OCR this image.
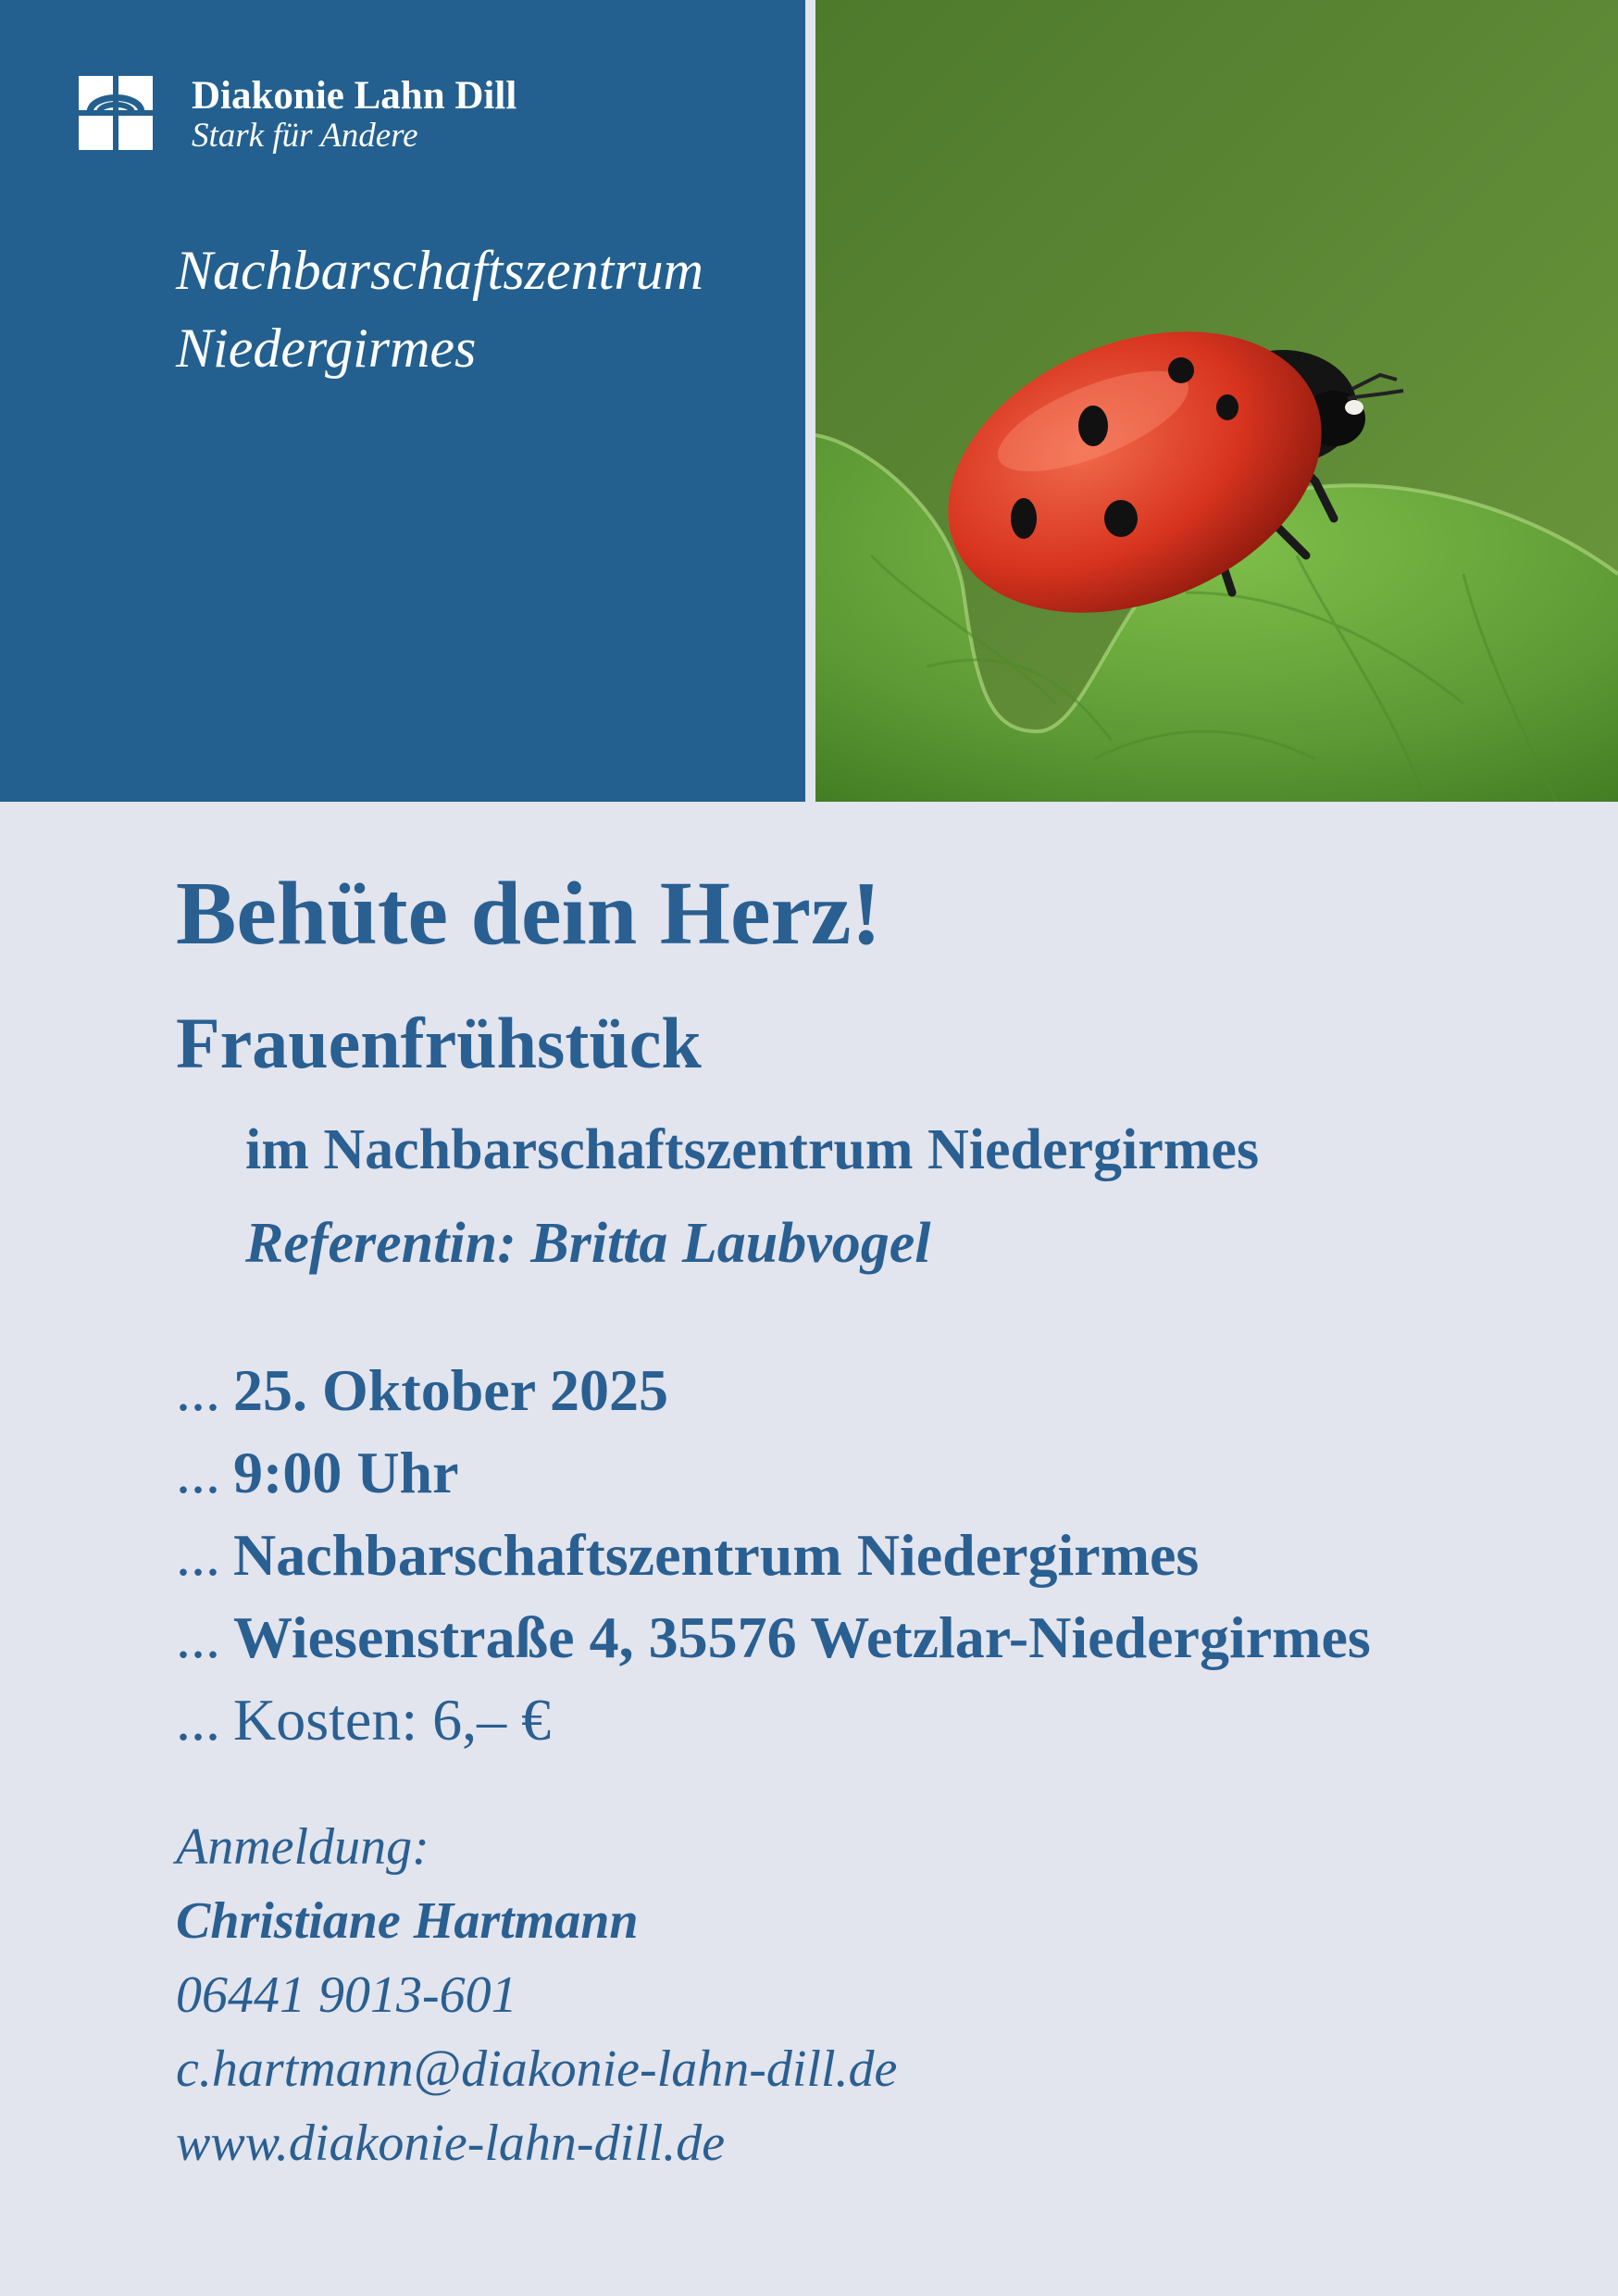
Diakonie Lahn Dill
Stark für Andere
Nachbarschaftszentrum
Niedergirmes
Behüte dein Herz!
Frauenfrühstück
im Nachbarschaftszentrum Niedergirmes
Referentin: Britta Laubvogel
... 25. Oktober 2025
... 9:00 Uhr
... Nachbarschaftszentrum Niedergirmes
... Wiesenstraße 4, 35576 Wetzlar-Niedergirmes
... Kosten: 6,– €
Anmeldung:
Christiane Hartmann
06441 9013-601
c.hartmann@diakonie-lahn-dill.de
www.diakonie-lahn-dill.de
